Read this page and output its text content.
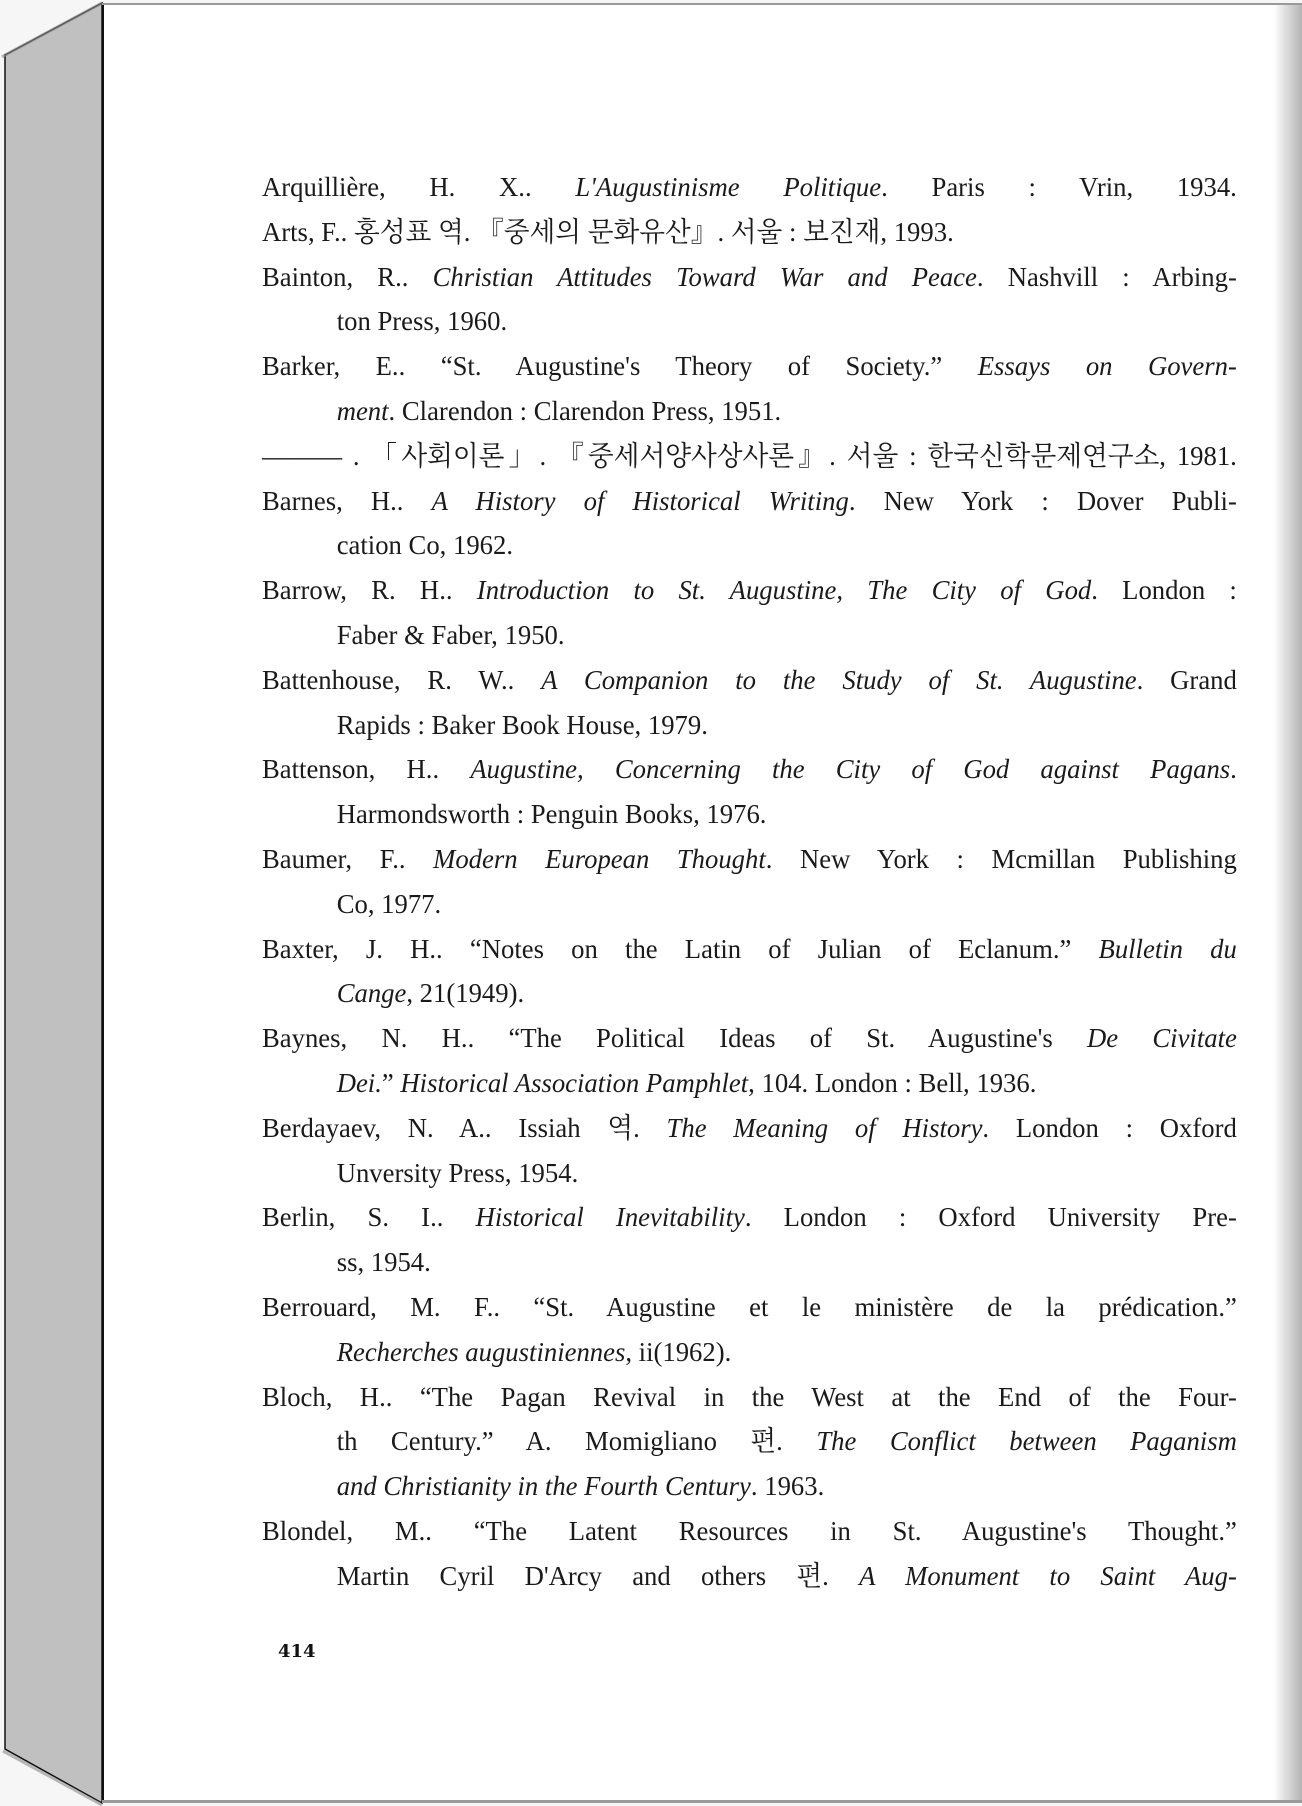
Arquillière, H. X.. L'Augustinisme Politique. Paris : Vrin, 1934.
Arts, F.. 홍성표 역. 『중세의 문화유산』. 서울 : 보진재, 1993.
Bainton, R.. Christian Attitudes Toward War and Peace. Nashvill : Arbing-
ton Press, 1960.
Barker, E.. “St. Augustine's Theory of Society.” Essays on Govern-
ment. Clarendon : Clarendon Press, 1951.
——— . 「사회이론」. 『중세서양사상사론』. 서울 : 한국신학문제연구소, 1981.
Barnes, H.. A History of Historical Writing. New York : Dover Publi-
cation Co, 1962.
Barrow, R. H.. Introduction to St. Augustine, The City of God. London :
Faber & Faber, 1950.
Battenhouse, R. W.. A Companion to the Study of St. Augustine. Grand
Rapids : Baker Book House, 1979.
Battenson, H.. Augustine, Concerning the City of God against Pagans.
Harmondsworth : Penguin Books, 1976.
Baumer, F.. Modern European Thought. New York : Mcmillan Publishing
Co, 1977.
Baxter, J. H.. “Notes on the Latin of Julian of Eclanum.” Bulletin du
Cange, 21(1949).
Baynes, N. H.. “The Political Ideas of St. Augustine's De Civitate
Dei.” Historical Association Pamphlet, 104. London : Bell, 1936.
Berdayaev, N. A.. Issiah 역. The Meaning of History. London : Oxford
Unversity Press, 1954.
Berlin, S. I.. Historical Inevitability. London : Oxford University Pre-
ss, 1954.
Berrouard, M. F.. “St. Augustine et le ministère de la prédication.”
Recherches augustiniennes, ii(1962).
Bloch, H.. “The Pagan Revival in the West at the End of the Four-
th Century.” A. Momigliano 편. The Conflict between Paganism
and Christianity in the Fourth Century. 1963.
Blondel, M.. “The Latent Resources in St. Augustine's Thought.”
Martin Cyril D'Arcy and others 편. A Monument to Saint Aug-
414
